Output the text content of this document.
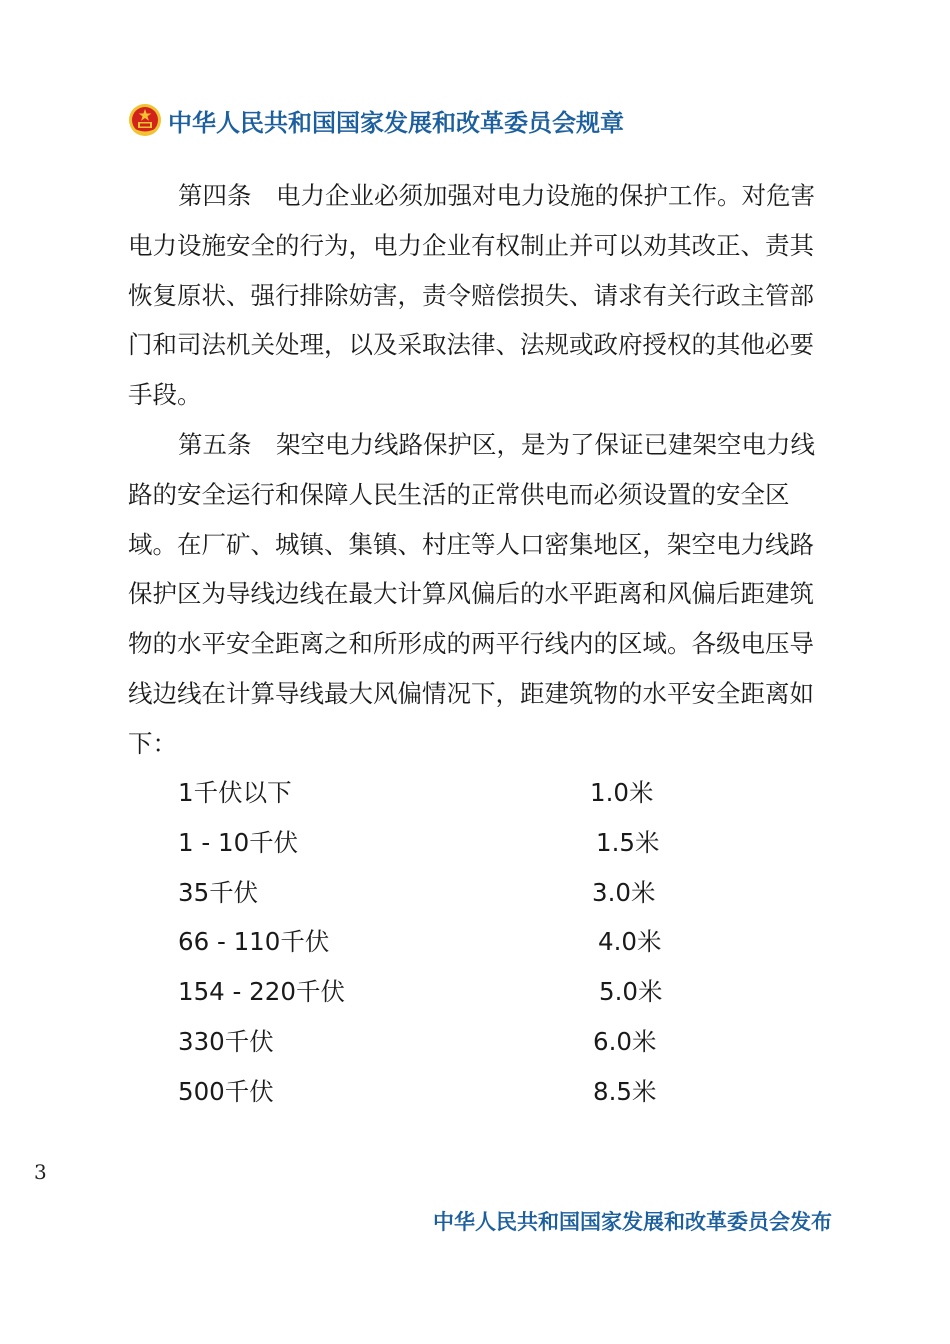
中华人民共和国国家发展和改革委员会规章

第四条　电力企业必须加强对电力设施的保护工作。对危害电力设施安全的行为，电力企业有权制止并可以劝其改正、责其恢复原状、强行排除妨害，责令赔偿损失、请求有关行政主管部门和司法机关处理，以及采取法律、法规或政府授权的其他必要手段。

第五条　架空电力线路保护区，是为了保证已建架空电力线路的安全运行和保障人民生活的正常供电而必须设置的安全区域。在厂矿、城镇、集镇、村庄等人口密集地区，架空电力线路保护区为导线边线在最大计算风偏后的水平距离和风偏后距建筑物的水平安全距离之和所形成的两平行线内的区域。各级电压导线边线在计算导线最大风偏情况下，距建筑物的水平安全距离如下：

1千伏以下	1.0米
1 - 10千伏	1.5米
35千伏	3.0米
66 - 110千伏	4.0米
154 - 220千伏	5.0米
330千伏	6.0米
500千伏	8.5米
3
中华人民共和国国家发展和改革委员会发布
